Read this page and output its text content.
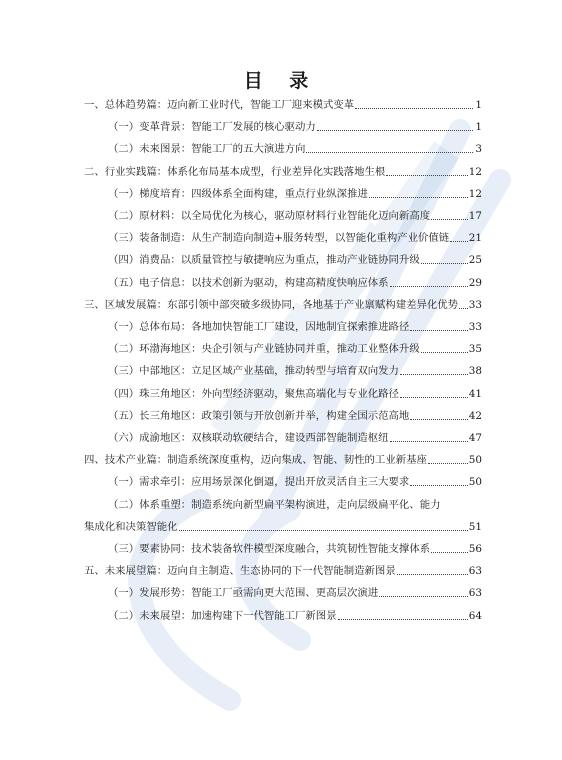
目 录
一、总体趋势篇：迈向新工业时代，智能工厂迎来模式变革	1
（一）变革背景：智能工厂发展的核心驱动力	1
（二）未来图景：智能工厂的五大演进方向	3
二、行业实践篇：体系化布局基本成型，行业差异化实践落地生根	12
（一）梯度培育：四级体系全面构建，重点行业纵深推进	12
（二）原材料：以全局优化为核心，驱动原材料行业智能化迈向新高度	17
（三）装备制造：从生产制造向制造+服务转型，以智能化重构产业价值链 21
（四）消费品：以质量管控与敏捷响应为重点，推动产业链协同升级	25
（五）电子信息：以技术创新为驱动，构建高精度快响应体系	29
三、区域发展篇：东部引领中部突破多级协同，各地基于产业禀赋构建差异化优势 33
（一）总体布局：各地加快智能工厂建设，因地制宜探索推进路径	33
（二）环渤海地区：央企引领与产业链协同并重，推动工业整体升级	35
（三）中部地区：立足区域产业基础，推动转型与培育双向发力	38
（四）珠三角地区：外向型经济驱动，聚焦高端化与专业化路径	41
（五）长三角地区：政策引领与开放创新并举，构建全国示范高地	42
（六）成渝地区：双核联动软硬结合，建设西部智能制造枢纽	47
四、技术产业篇：制造系统深度重构，迈向集成、智能、韧性的工业新基座	50
（一）需求牵引：应用场景深化倒逼，提出开放灵活自主三大要求	50
（二）体系重塑：制造系统向新型扁平架构演进，走向层级扁平化、能力
集成化和决策智能化	51
（三）要素协同：技术装备软件模型深度融合，共筑韧性智能支撑体系	56
五、未来展望篇：迈向自主制造、生态协同的下一代智能制造新图景	63
（一）发展形势：智能工厂亟需向更大范围、更高层次演进	63
（二）未来展望：加速构建下一代智能工厂新图景	64
